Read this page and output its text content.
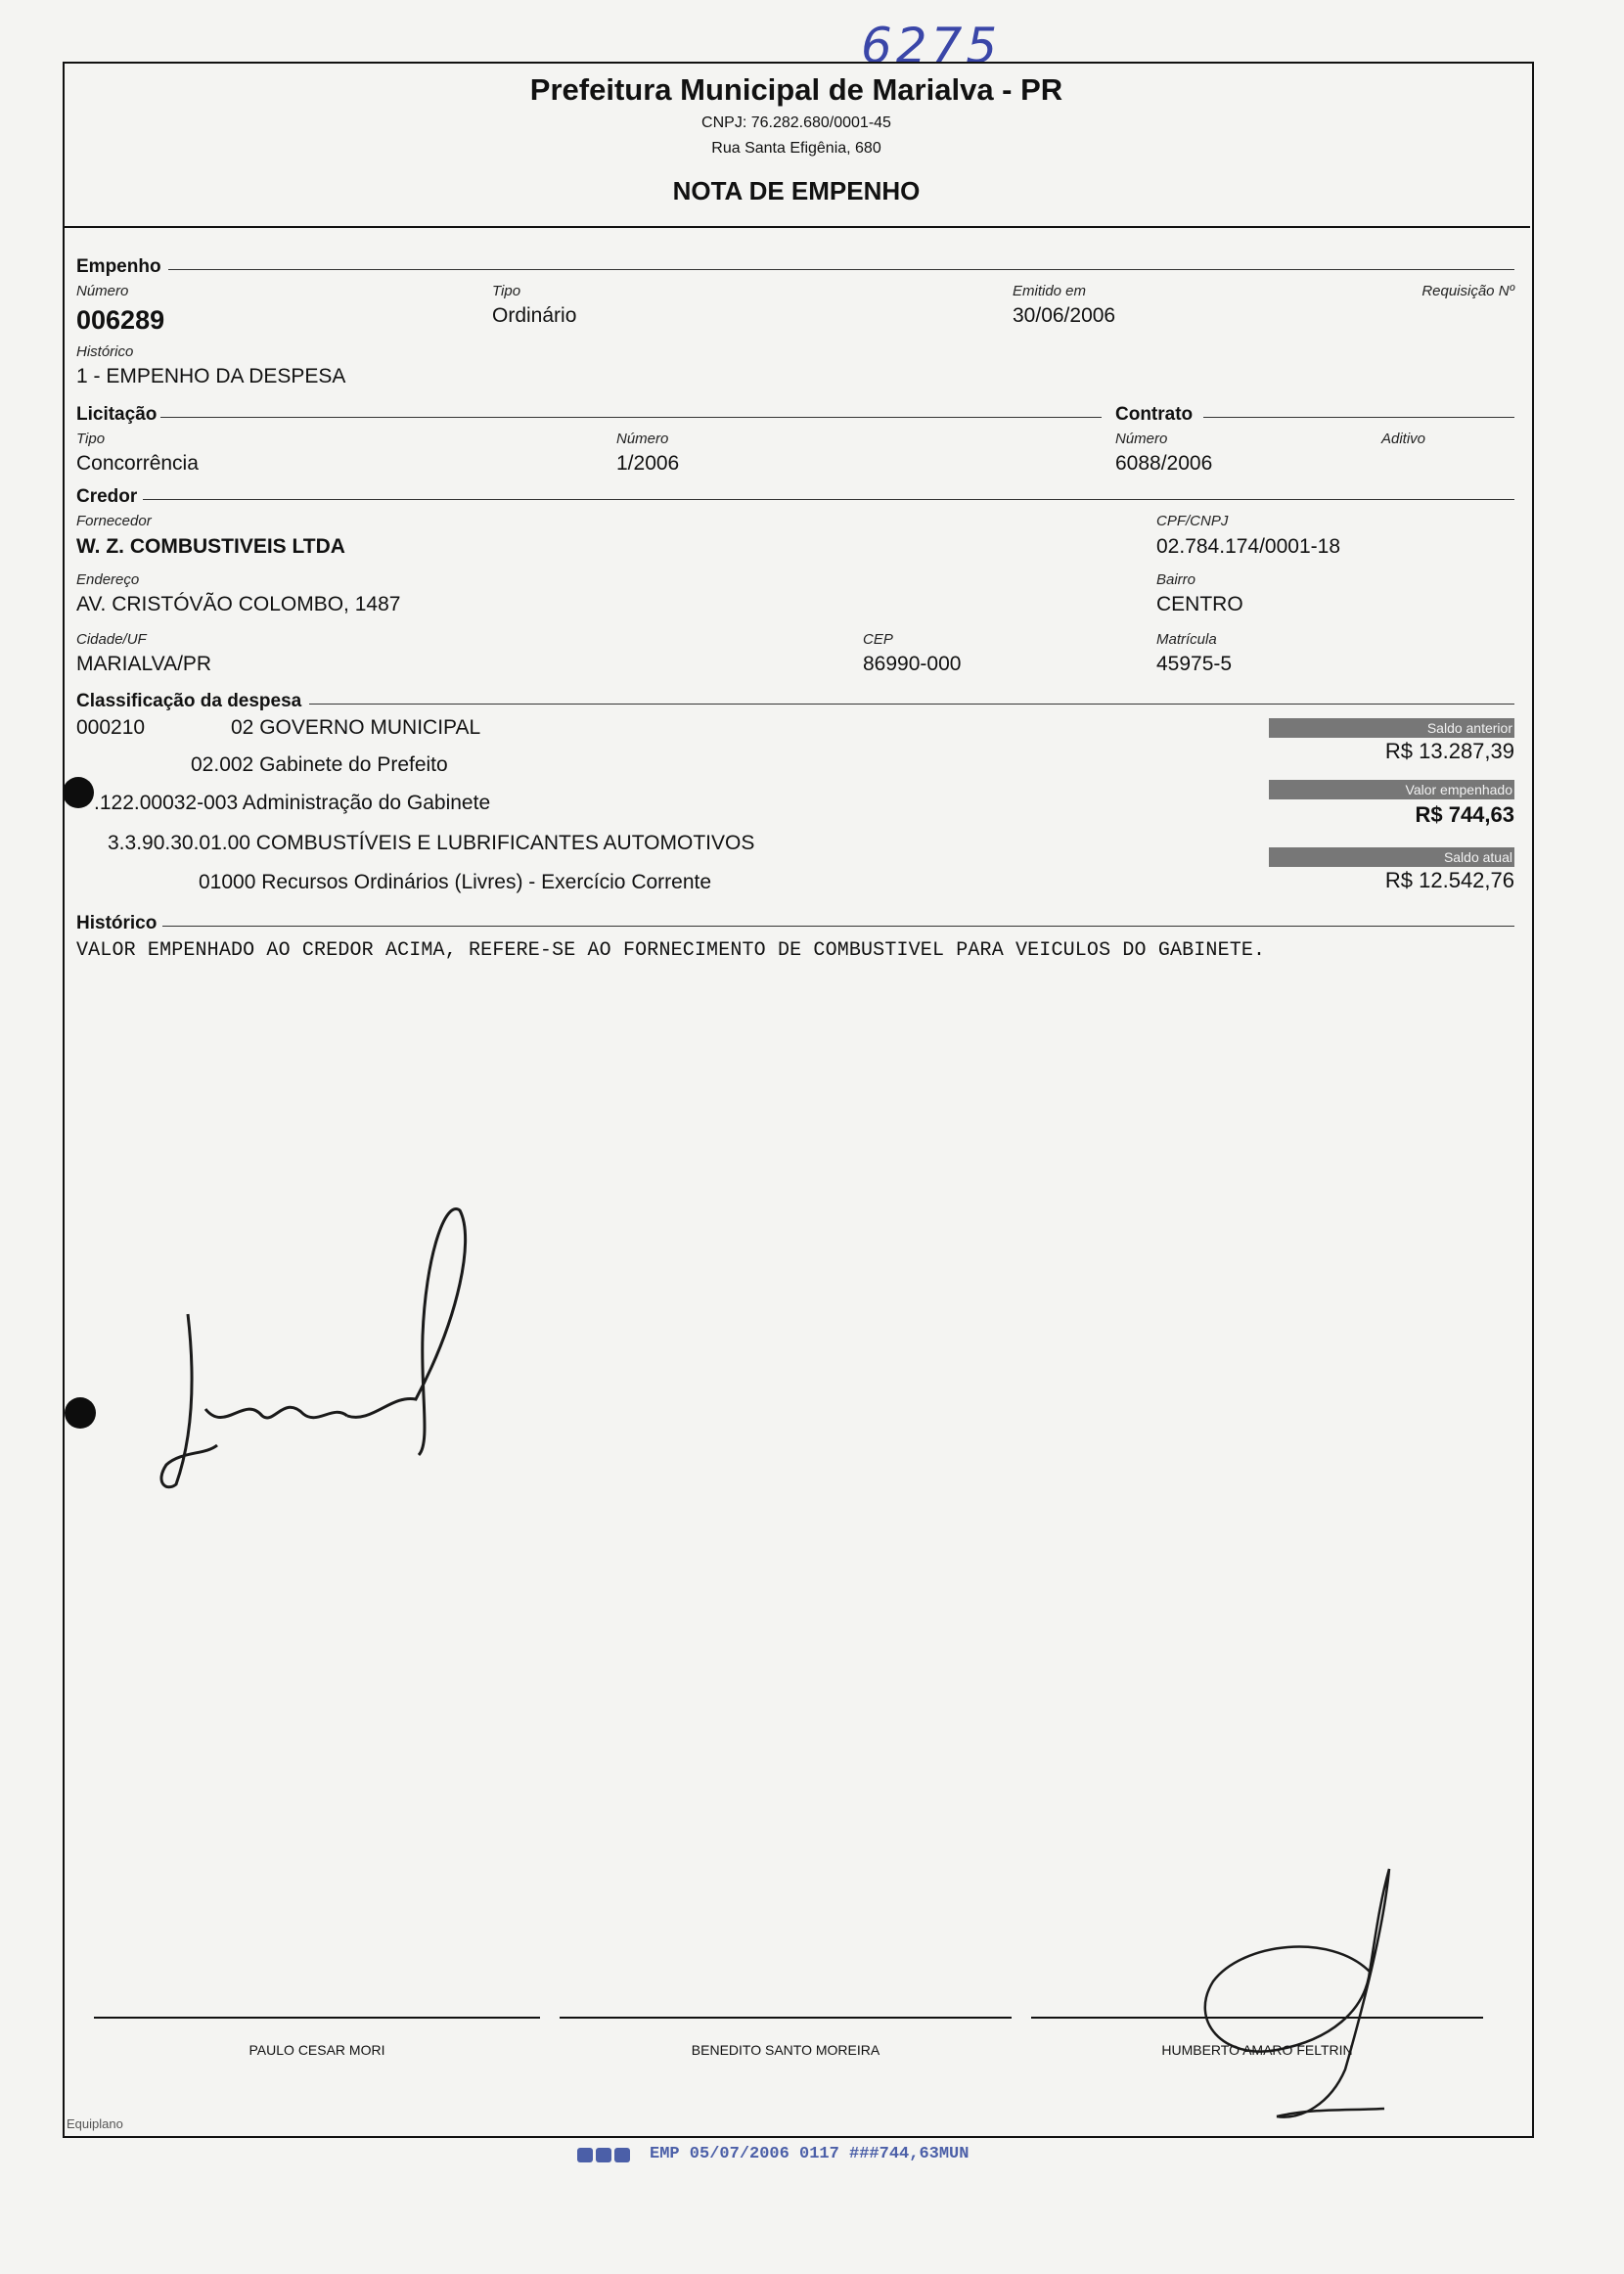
6275
Prefeitura Municipal de Marialva - PR
CNPJ: 76.282.680/0001-45
Rua Santa Efigênia, 680
NOTA DE EMPENHO
Empenho
Número
006289
Tipo
Ordinário
Emitido em
30/06/2006
Requisição Nº
Histórico
1 - EMPENHO DA DESPESA
Licitação	Contrato
Tipo
Concorrência
Número
1/2006
Número
6088/2006
Aditivo
Credor
Fornecedor
W. Z. COMBUSTIVEIS LTDA
CPF/CNPJ
02.784.174/0001-18
Endereço
AV. CRISTÓVÃO COLOMBO, 1487
Bairro
CENTRO
Cidade/UF
MARIALVA/PR
CEP
86990-000
Matrícula
45975-5
Classificação da despesa
000210	02 GOVERNO MUNICIPAL
02.002 Gabinete do Prefeito
.122.00032-003 Administração do Gabinete
3.3.90.30.01.00 COMBUSTÍVEIS E LUBRIFICANTES AUTOMOTIVOS
01000 Recursos Ordinários (Livres) - Exercício Corrente
Saldo anterior
R$ 13.287,39
Valor empenhado
R$ 744,63
Saldo atual
R$ 12.542,76
Histórico
VALOR EMPENHADO AO CREDOR ACIMA, REFERE-SE AO FORNECIMENTO DE COMBUSTIVEL PARA VEICULOS DO GABINETE.
PAULO CESAR MORI	BENEDITO SANTO MOREIRA	HUMBERTO AMARO FELTRIN
Equiplano
EMP 05/07/2006 0117 ###744,63MUN
